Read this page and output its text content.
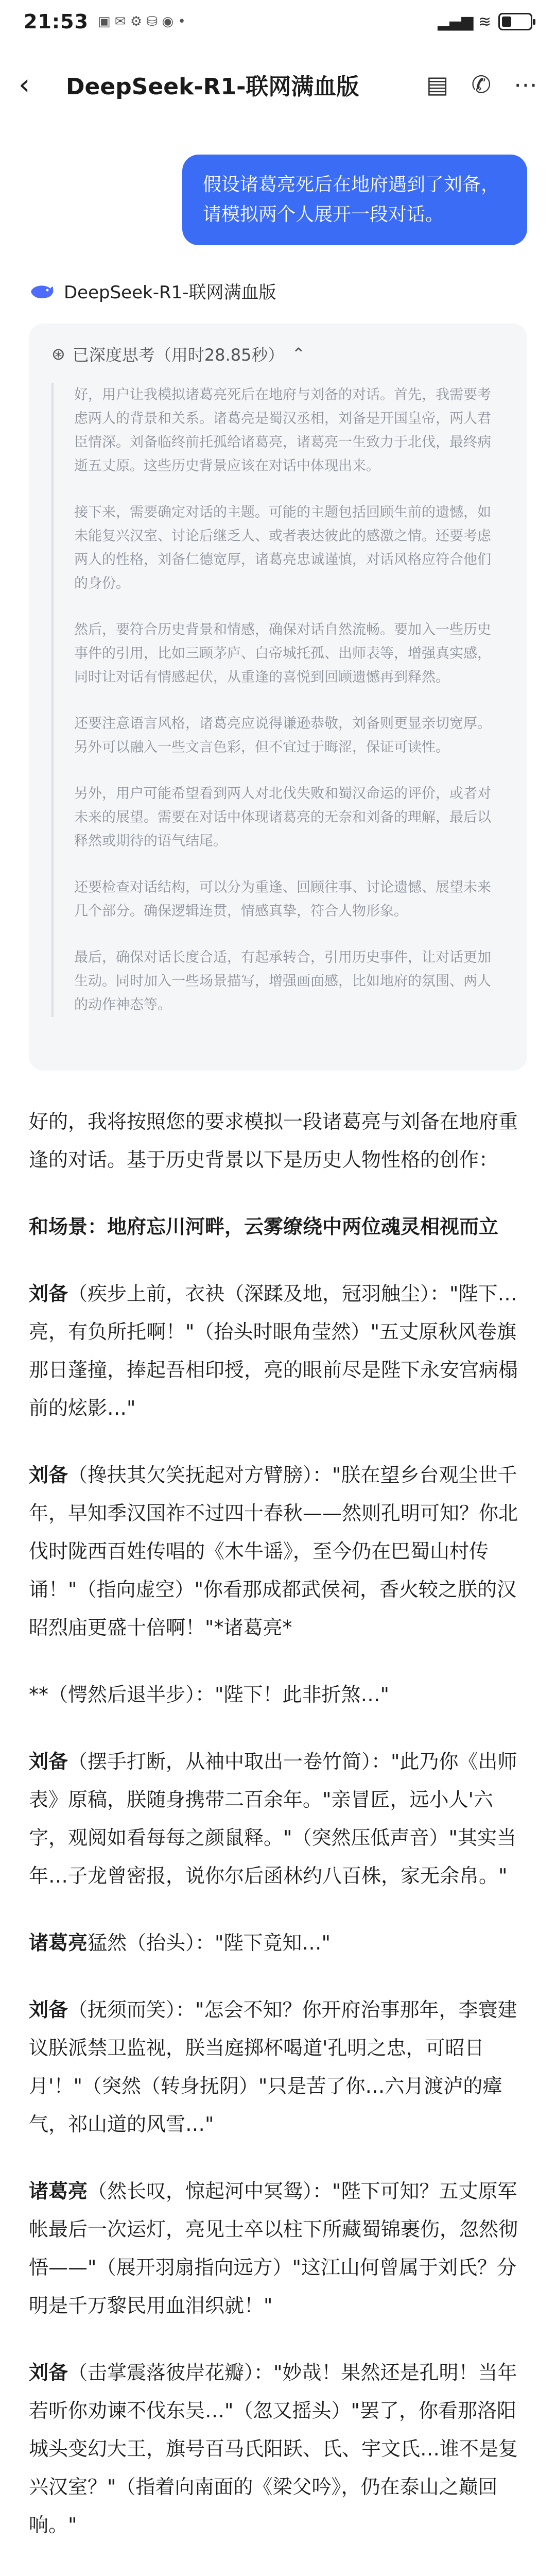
21:53 ▣ ✉ ⚙ ⛁ ◉ •	▂▄▆ ≋
‹	DeepSeek-R1-联网满血版	▤ ✆ ⋯
假设诸葛亮死后在地府遇到了刘备，请模拟两个人展开一段对话。
DeepSeek-R1-联网满血版
⊛ 已深度思考（用时28.85秒） ⌃

好，用户让我模拟诸葛亮死后在地府与刘备的对话。首先，我需要考虑两人的背景和关系。诸葛亮是蜀汉丞相，刘备是开国皇帝，两人君臣情深。刘备临终前托孤给诸葛亮，诸葛亮一生致力于北伐，最终病逝五丈原。这些历史背景应该在对话中体现出来。

接下来，需要确定对话的主题。可能的主题包括回顾生前的遗憾，如未能复兴汉室、讨论后继乏人、或者表达彼此的感激之情。还要考虑两人的性格，刘备仁德宽厚，诸葛亮忠诚谨慎，对话风格应符合他们的身份。

然后，要符合历史背景和情感，确保对话自然流畅。要加入一些历史事件的引用，比如三顾茅庐、白帝城托孤、出师表等，增强真实感，同时让对话有情感起伏，从重逢的喜悦到回顾遗憾再到释然。

还要注意语言风格，诸葛亮应说得谦逊恭敬，刘备则更显亲切宽厚。另外可以融入一些文言色彩，但不宜过于晦涩，保证可读性。

另外，用户可能希望看到两人对北伐失败和蜀汉命运的评价，或者对未来的展望。需要在对话中体现诸葛亮的无奈和刘备的理解，最后以释然或期待的语气结尾。

还要检查对话结构，可以分为重逢、回顾往事、讨论遗憾、展望未来几个部分。确保逻辑连贯，情感真挚，符合人物形象。

最后，确保对话长度合适，有起承转合，引用历史事件，让对话更加生动。同时加入一些场景描写，增强画面感，比如地府的氛围、两人的动作神态等。

好的，我将按照您的要求模拟一段诸葛亮与刘备在地府重逢的对话。基于历史背景以下是历史人物性格的创作：

和场景：地府忘川河畔，云雾缭绕中两位魂灵相视而立

刘备（疾步上前，衣袂（深蹂及地，冠羽触尘）："陛下…亮，有负所托啊！"（抬头时眼角莹然）"五丈原秋风卷旗那日蓬撞，捧起吾相印授，亮的眼前尽是陛下永安宫病榻前的炫影…"

刘备（搀扶其欠笑抚起对方臂膀）："朕在望乡台观尘世千年，早知季汉国祚不过四十春秋——然则孔明可知？你北伐时陇西百姓传唱的《木牛谣》，至今仍在巴蜀山村传诵！"（指向虚空）"你看那成都武侯祠，香火较之朕的汉昭烈庙更盛十倍啊！"*诸葛亮*

**（愕然后退半步）："陛下！此非折煞…"

刘备（摆手打断，从袖中取出一卷竹简）："此乃你《出师表》原稿，朕随身携带二百余年。"亲冒匠，远小人'六字，观阅如看每每之颜鼠释。"（突然压低声音）"其实当年…子龙曾密报，说你尔后函林约八百株，家无余帛。"

诸葛亮猛然（抬头）："陛下竟知…"

刘备（抚须而笑）："怎会不知？你开府治事那年，李寰建议朕派禁卫监视，朕当庭掷杯喝道'孔明之忠，可昭日月'！"（突然（转身抚阴）"只是苦了你…六月渡泸的瘴气，祁山道的风雪…"

诸葛亮（然长叹，惊起河中冥鸳）："陛下可知？五丈原军帐最后一次运灯，亮见士卒以柱下所藏蜀锦裹伤，忽然彻悟——"（展开羽扇指向远方）"这江山何曾属于刘氏？分明是千万黎民用血泪织就！"

刘备（击掌震落彼岸花瓣）："妙哉！果然还是孔明！当年若听你劝谏不伐东吴…"（忽又摇头）"罢了，你看那洛阳城头变幻大王，旗号百马氏阳跃、氏、宇文氏…谁不是复兴汉室？"（指着向南面的《梁父吟》，仍在泰山之巅回响。"
